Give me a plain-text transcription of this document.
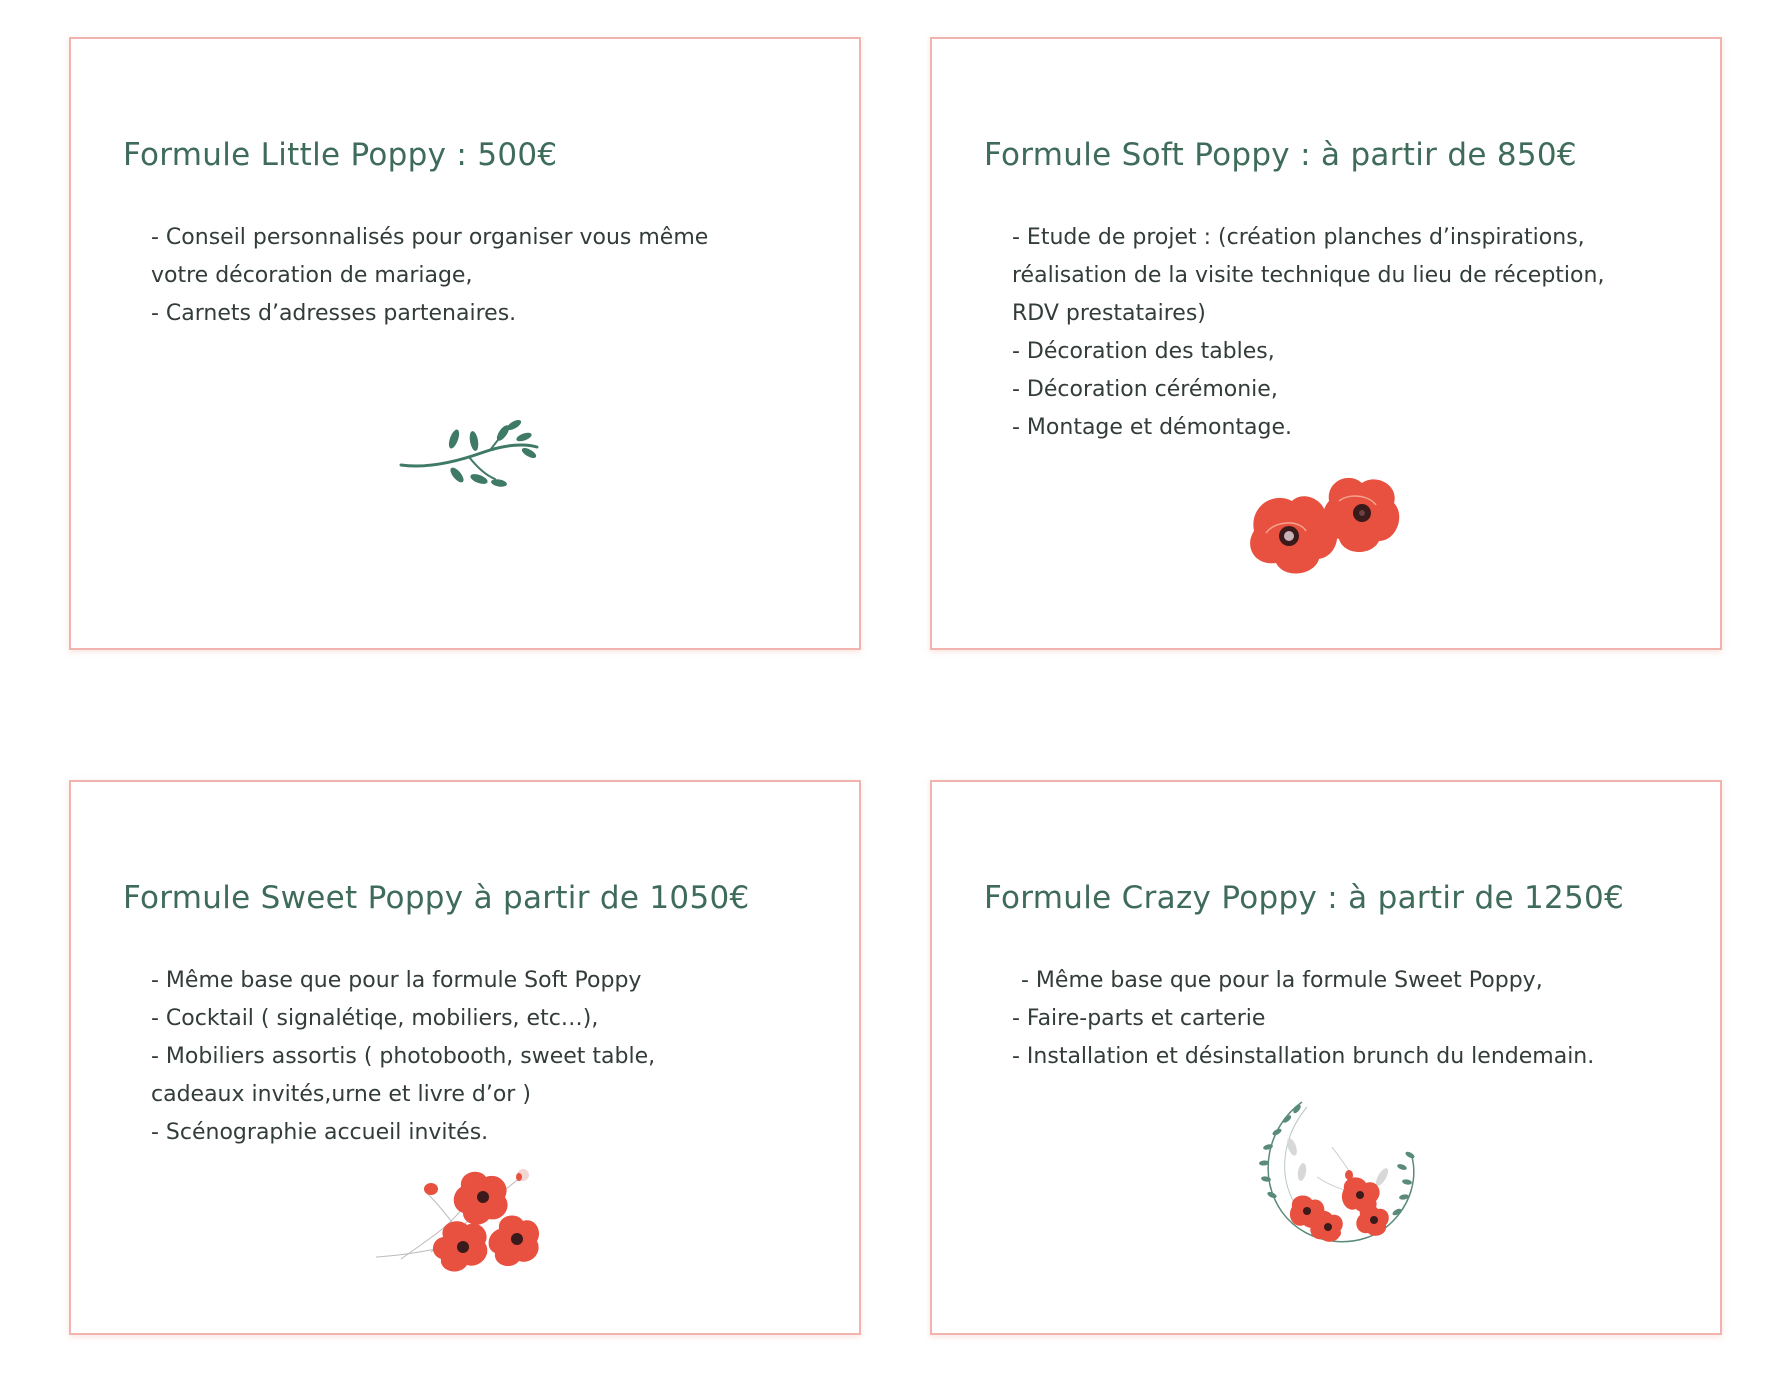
Formule Little Poppy : 500€
- Conseil personnalisés pour organiser vous même
votre décoration de mariage,
- Carnets d’adresses partenaires.
Formule Soft Poppy : à partir de 850€
- Etude de projet : (création planches d’inspirations,
réalisation de la visite technique du lieu de réception,
RDV prestataires)
- Décoration des tables,
- Décoration cérémonie,
- Montage et démontage.
Formule Sweet Poppy à partir de 1050€
- Même base que pour la formule Soft Poppy
- Cocktail ( signalétiqe, mobiliers, etc…),
- Mobiliers assortis ( photobooth, sweet table,
cadeaux invités,urne et livre d’or )
- Scénographie accueil invités.
Formule Crazy Poppy : à partir de 1250€
- Même base que pour la formule Sweet Poppy,
- Faire-parts et carterie
- Installation et désinstallation brunch du lendemain.
